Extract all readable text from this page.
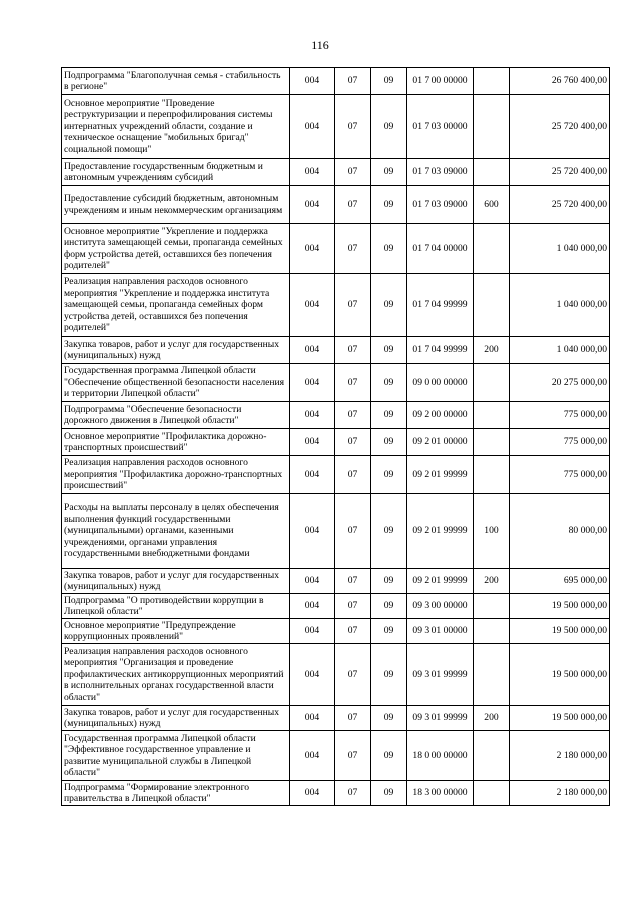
116
Подпрограмма "Благополучная семья - стабильность в регионе"	004	07	09	01 7 00 00000		26 760 400,00
Основное мероприятие "Проведение реструктуризации и перепрофилирования системы интернатных учреждений области, создание и техническое оснащение "мобильных бригад" социальной помощи"	004	07	09	01 7 03 00000		25 720 400,00
Предоставление государственным бюджетным и автономным учреждениям субсидий	004	07	09	01 7 03 09000		25 720 400,00
Предоставление субсидий бюджетным, автономным учреждениям и иным некоммерческим организациям	004	07	09	01 7 03 09000	600	25 720 400,00
Основное мероприятие "Укрепление и поддержка института замещающей семьи, пропаганда семейных форм устройства детей, оставшихся без попечения родителей"	004	07	09	01 7 04 00000		1 040 000,00
Реализация направления расходов основного мероприятия "Укрепление и поддержка института замещающей семьи, пропаганда семейных форм устройства детей, оставшихся без попечения родителей"	004	07	09	01 7 04 99999		1 040 000,00
Закупка товаров, работ и услуг для государственных (муниципальных) нужд	004	07	09	01 7 04 99999	200	1 040 000,00
Государственная программа Липецкой области "Обеспечение общественной безопасности населения и территории Липецкой области"	004	07	09	09 0 00 00000		20 275 000,00
Подпрограмма "Обеспечение безопасности дорожного движения в Липецкой области"	004	07	09	09 2 00 00000		775 000,00
Основное мероприятие "Профилактика дорожно-транспортных происшествий"	004	07	09	09 2 01 00000		775 000,00
Реализация направления расходов основного мероприятия "Профилактика дорожно-транспортных происшествий"	004	07	09	09 2 01 99999		775 000,00
Расходы на выплаты персоналу в целях обеспечения выполнения функций государственными (муниципальными) органами, казенными учреждениями, органами управления государственными внебюджетными фондами	004	07	09	09 2 01 99999	100	80 000,00
Закупка товаров, работ и услуг для государственных (муниципальных) нужд	004	07	09	09 2 01 99999	200	695 000,00
Подпрограмма "О противодействии коррупции в Липецкой области"	004	07	09	09 3 00 00000		19 500 000,00
Основное мероприятие "Предупреждение коррупционных проявлений"	004	07	09	09 3 01 00000		19 500 000,00
Реализация направления расходов основного мероприятия "Организация и проведение профилактических антикоррупционных мероприятий в исполнительных органах государственной власти области"	004	07	09	09 3 01 99999		19 500 000,00
Закупка товаров, работ и услуг для государственных (муниципальных) нужд	004	07	09	09 3 01 99999	200	19 500 000,00
Государственная программа Липецкой области "Эффективное государственное управление и развитие муниципальной службы в Липецкой области"	004	07	09	18 0 00 00000		2 180 000,00
Подпрограмма "Формирование электронного правительства в Липецкой области"	004	07	09	18 3 00 00000		2 180 000,00
